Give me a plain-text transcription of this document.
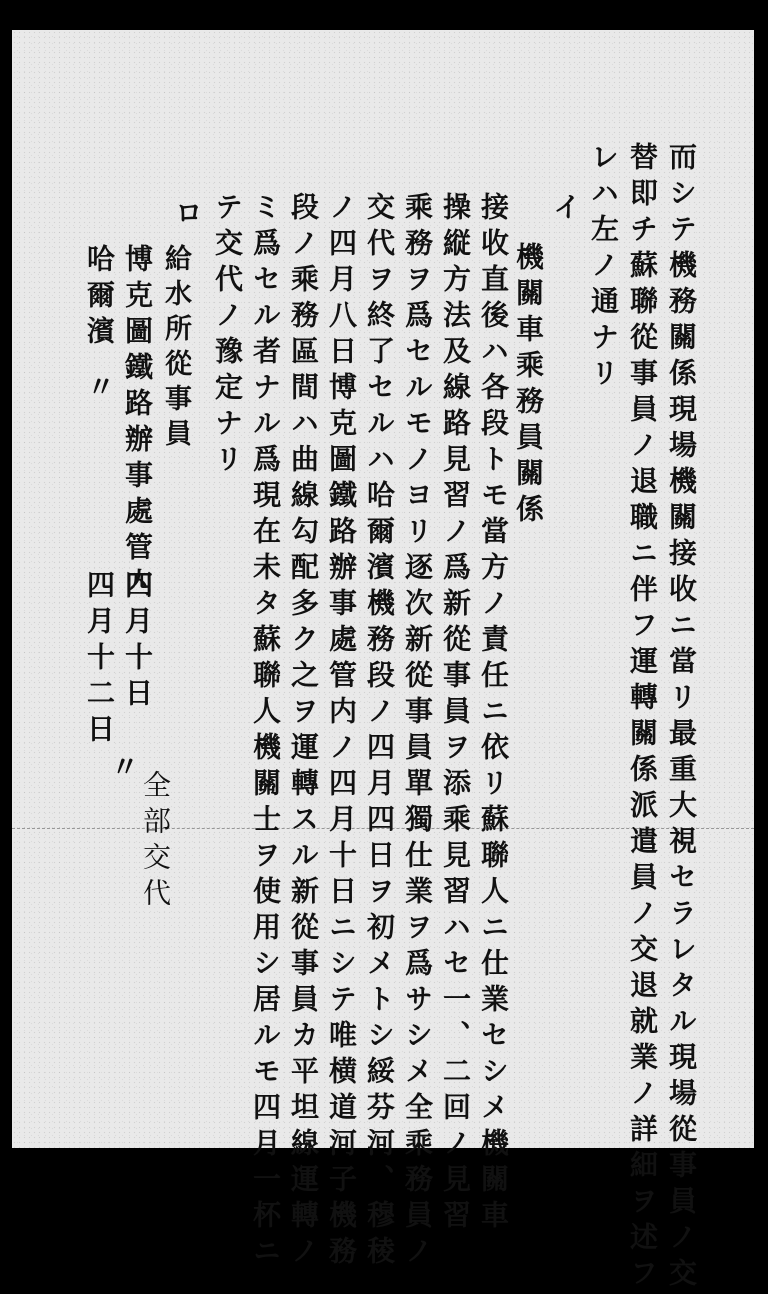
而シテ機務關係現場機關接收ニ當リ最重大視セラレタル現場從事員ノ交
替即チ蘇聯從事員ノ退職ニ伴フ運轉關係派遣員ノ交退就業ノ詳細ヲ述フ
レハ左ノ通ナリ
イ
機關車乘務員關係
接收直後ハ各段トモ當方ノ責任ニ依リ蘇聯人ニ仕業セシメ機關車
操縦方法及線路見習ノ爲新從事員ヲ添乘見習ハセ一、二回ノ見習
乘務ヲ爲セルモノヨリ逐次新從事員單獨仕業ヲ爲サシメ全乘務員ノ
交代ヲ終了セルハ哈爾濱機務段ノ四月四日ヲ初メトシ綏芬河、穆稜
ノ四月八日博克圖鐵路辦事處管内ノ四月十日ニシテ唯横道河子機務
段ノ乘務區間ハ曲線勾配多ク之ヲ運轉スル新從事員カ平坦線運轉ノ
ミ爲セル者ナル爲現在未タ蘇聯人機關士ヲ使用シ居ルモ四月一杯ニ
テ交代ノ豫定ナリ
ロ
給水所從事員
博克圖鐵路辦事處管内
四月十日
全部交代
哈爾濱
〃
四月十二日
〃
